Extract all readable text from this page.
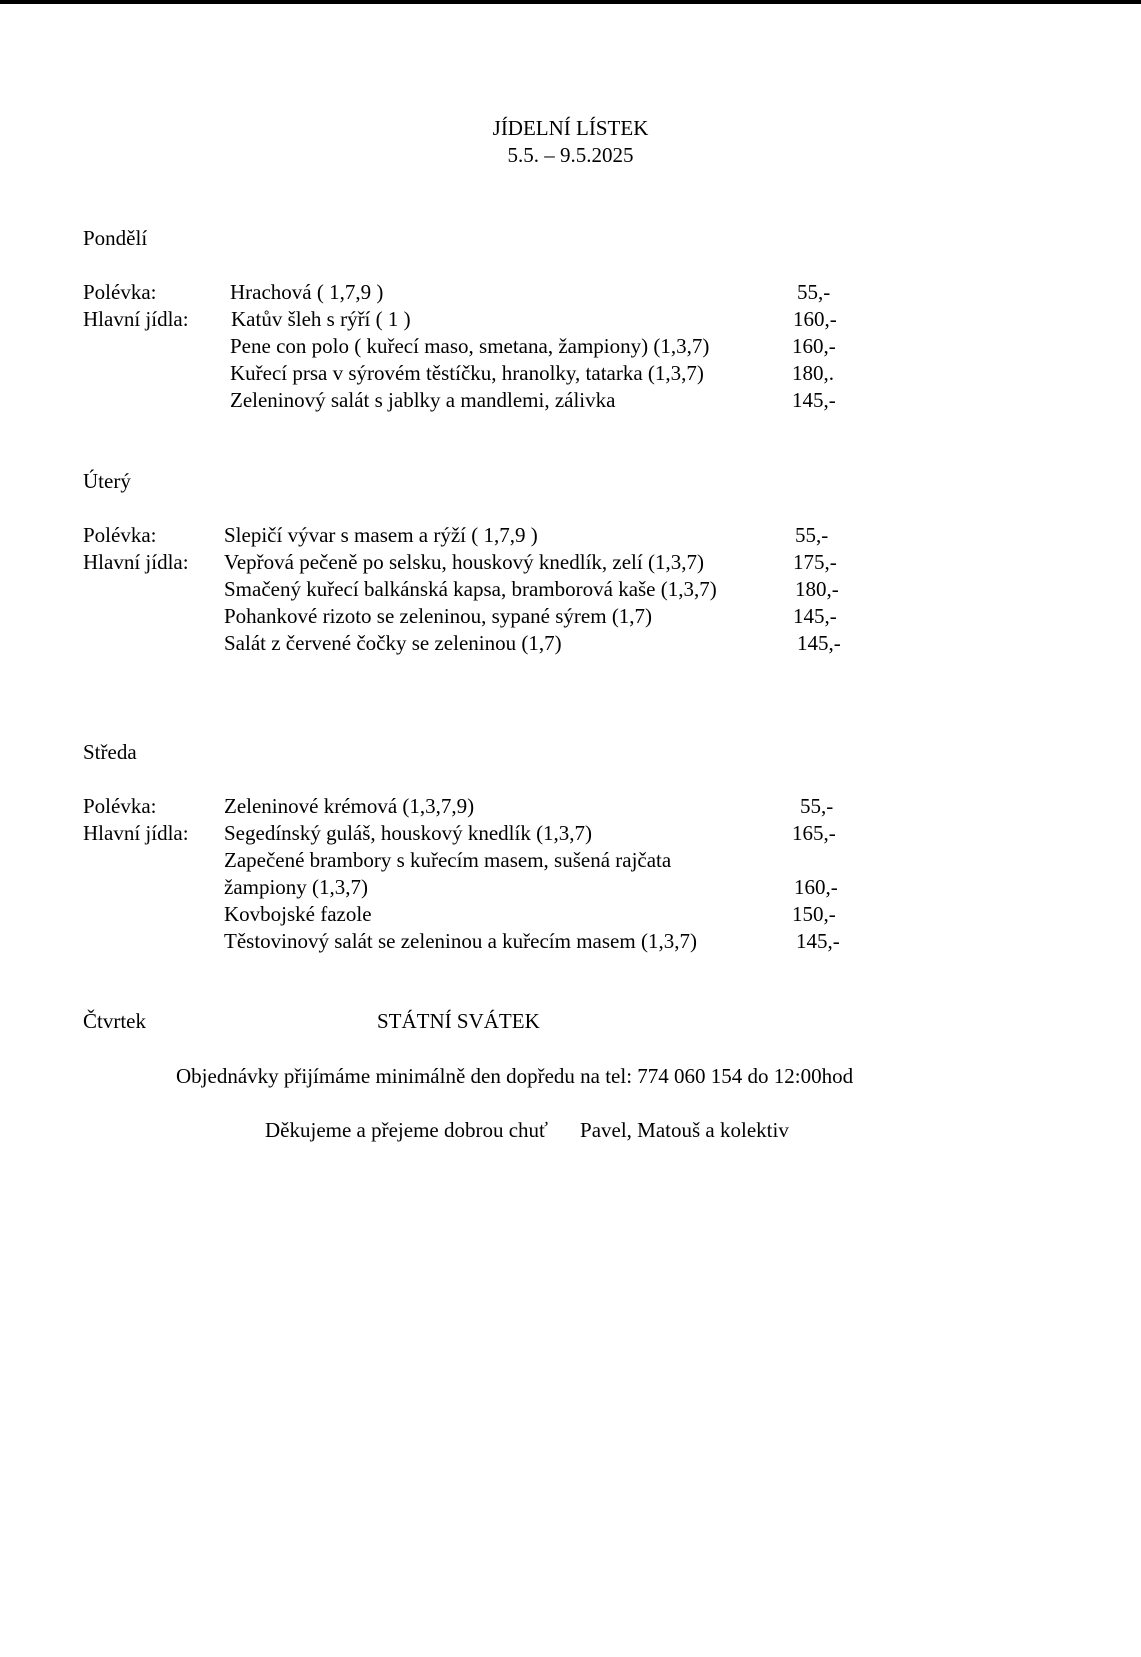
JÍDELNÍ LÍSTEK
5.5. – 9.5.2025
Pondělí
Polévka:	Hrachová ( 1,7,9 )	55,-
Hlavní jídla: Katův šleh s rýří ( 1 )	160,-
Pene con polo ( kuřecí maso, smetana, žampiony) (1,3,7)	160,-
Kuřecí prsa v sýrovém těstíčku, hranolky, tatarka (1,3,7)	180,.
Zeleninový salát s jablky a mandlemi, zálivka	145,-
Úterý
Polévka:	Slepičí vývar s masem a rýží ( 1,7,9 )	55,-
Hlavní jídla: Vepřová pečeně po selsku, houskový knedlík, zelí (1,3,7)	175,-
Smačený kuřecí balkánská kapsa, bramborová kaše (1,3,7)	180,-
Pohankové rizoto se zeleninou, sypané sýrem (1,7)	145,-
Salát z červené čočky se zeleninou (1,7)	145,-
Středa
Polévka:	Zeleninové krémová (1,3,7,9)	55,-
Hlavní jídla: Segedínský guláš, houskový knedlík (1,3,7)	165,-
Zapečené brambory s kuřecím masem, sušená rajčata
žampiony (1,3,7)	160,-
Kovbojské fazole	150,-
Těstovinový salát se zeleninou a kuřecím masem (1,3,7)	145,-
Čtvrtek	STÁTNÍ SVÁTEK
Objednávky přijímáme minimálně den dopředu na tel: 774 060 154 do 12:00hod
Děkujeme a přejeme dobrou chuť Pavel, Matouš a kolektiv
